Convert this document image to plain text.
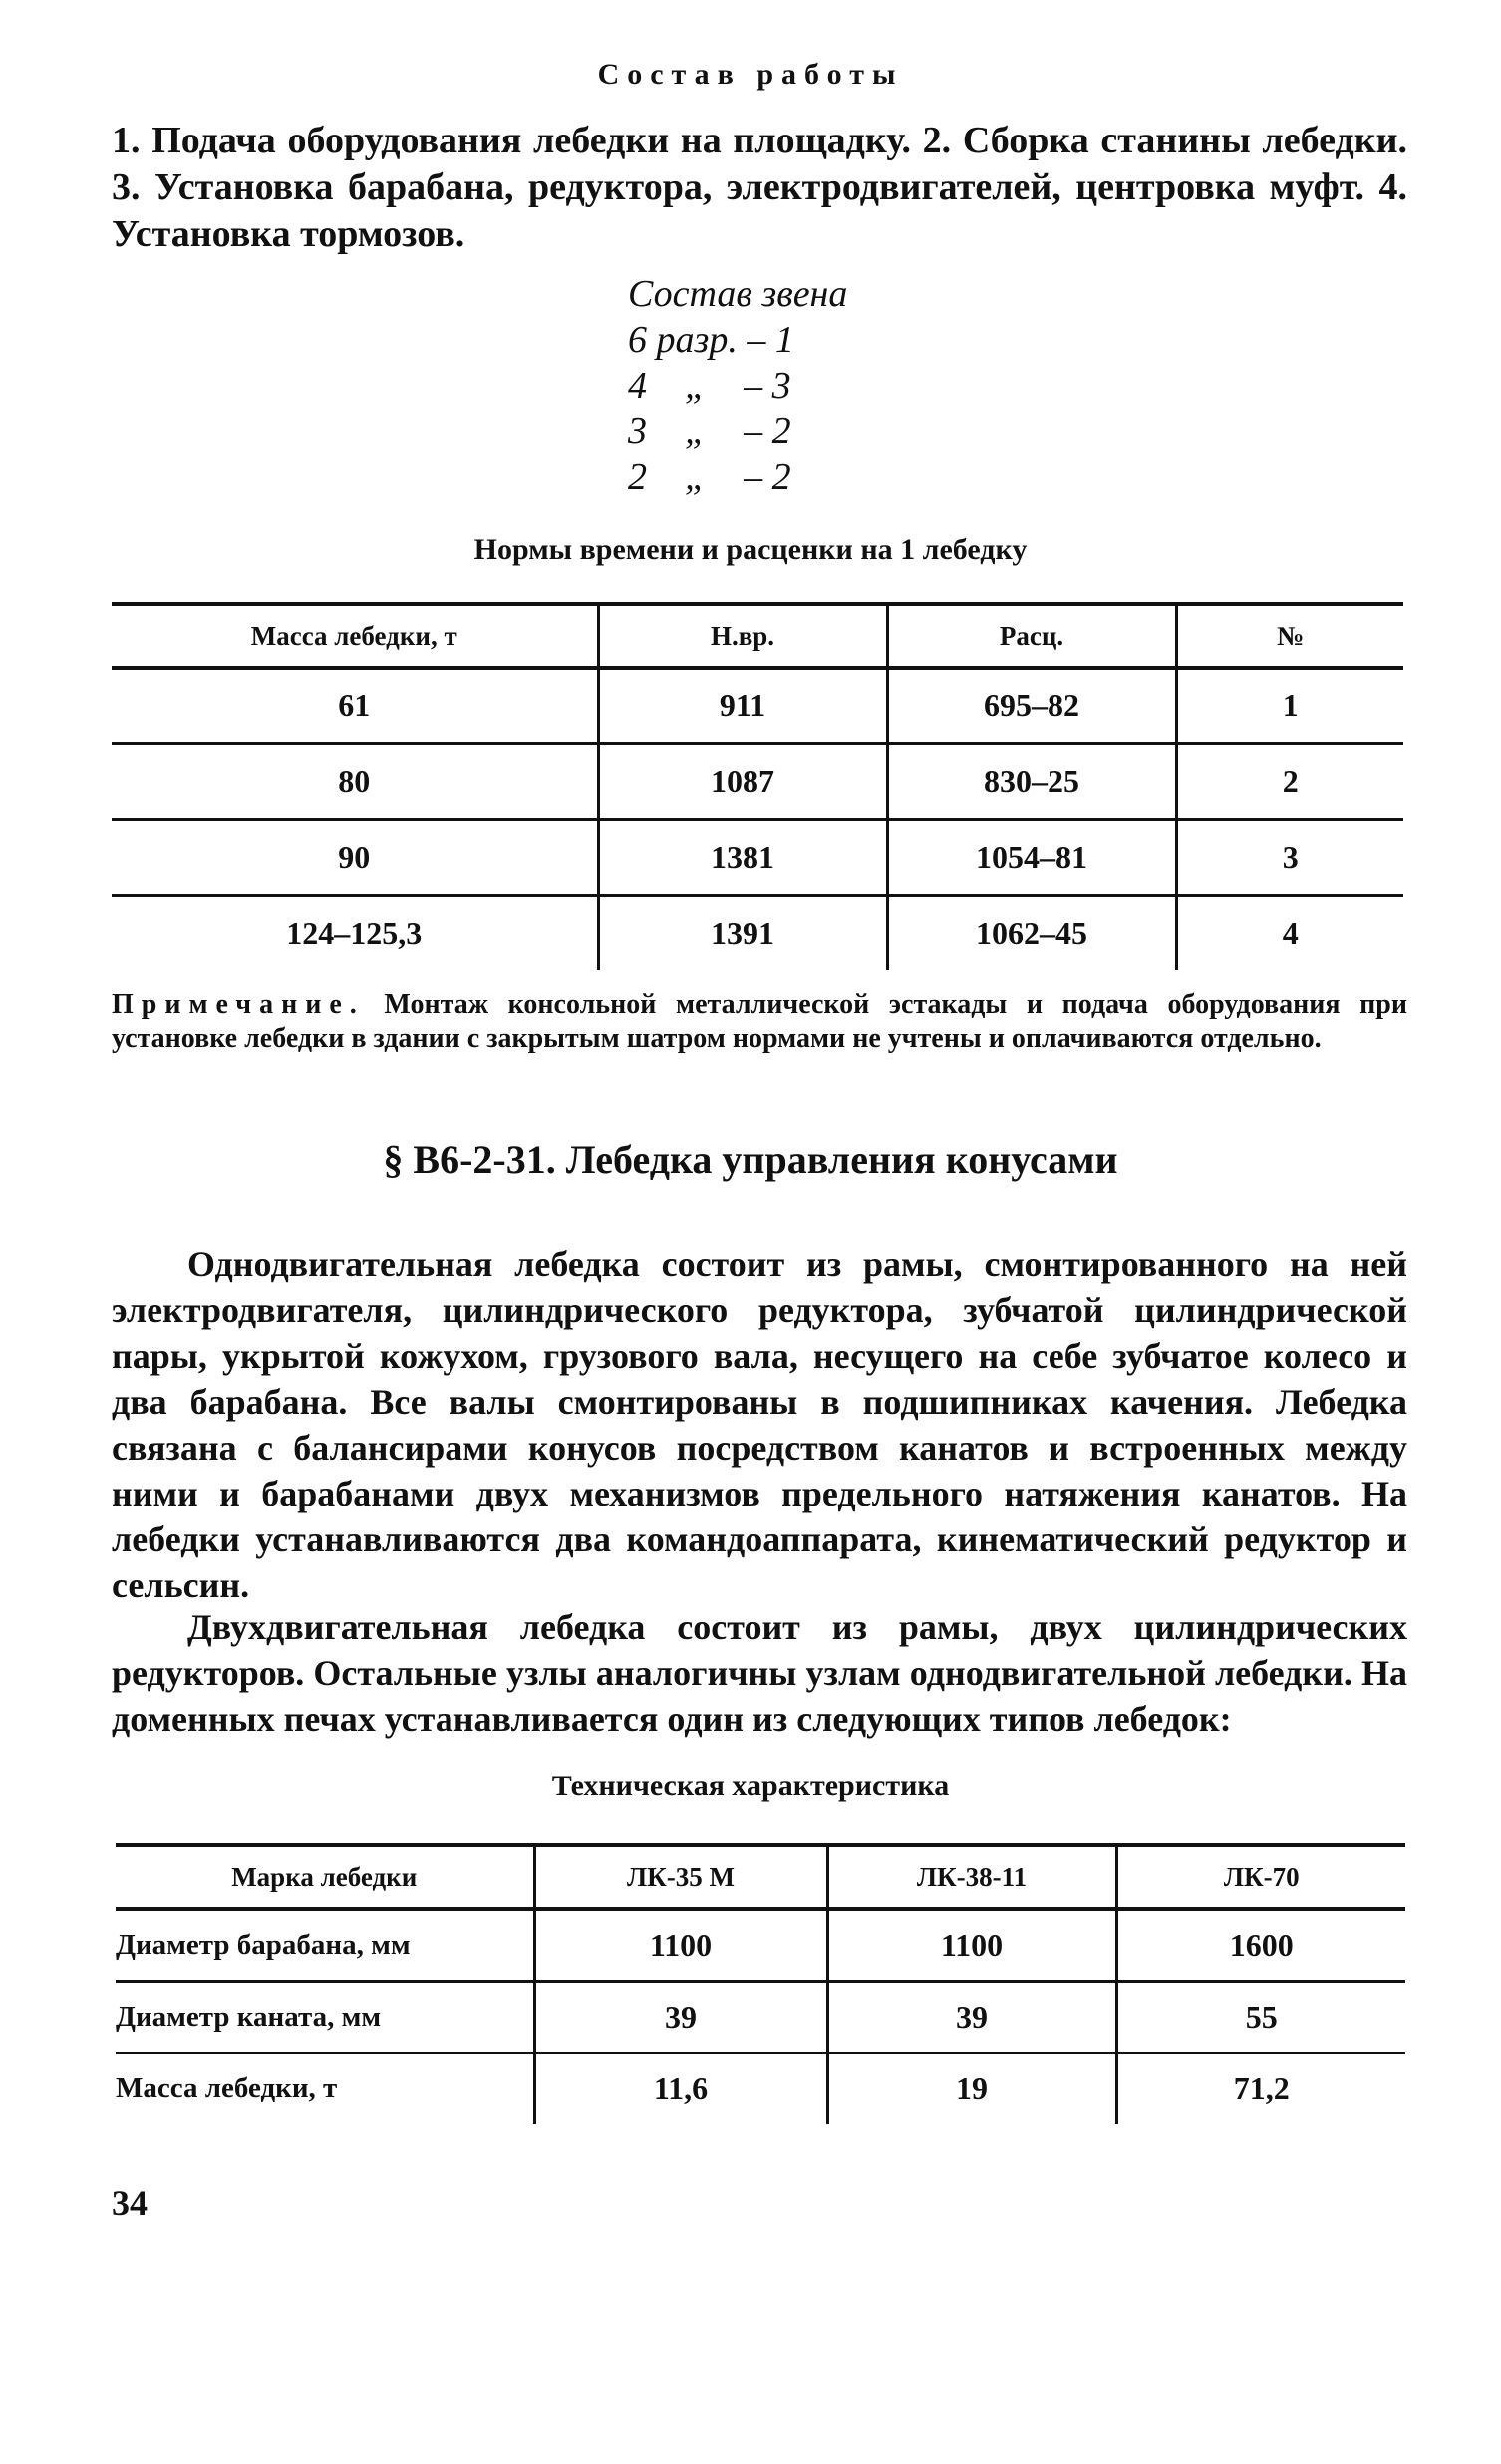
Состав работы
1. Подача оборудования лебедки на площадку. 2. Сборка станины лебедки. 3. Установка барабана, редуктора, электродвигателей, центровка муфт. 4. Установка тормозов.
Состав звена
6 разр. – 1
4    „    – 3
3    „    – 2
2    „    – 2
Нормы времени и расценки на 1 лебедку
Масса лебедки, т	Н.вр.	Расц.	№
61	911	695–82	1
80	1087	830–25	2
90	1381	1054–81	3
124–125,3	1391	1062–45	4
Примечание. Монтаж консольной металлической эстакады и подача оборудования при установке лебедки в здании с закрытым шатром нормами не учтены и оплачиваются отдельно.
§ В6-2-31. Лебедка управления конусами
Однодвигательная лебедка состоит из рамы, смонтированного на ней электродвигателя, цилиндрического редуктора, зубчатой цилиндрической пары, укрытой кожухом, грузового вала, несущего на себе зубчатое колесо и два барабана. Все валы смонтированы в подшипниках качения. Лебедка связана с балансирами конусов посредством канатов и встроенных между ними и барабанами двух механизмов предельного натяжения канатов. На лебедки устанавливаются два командоаппарата, кинематический редуктор и сельсин.
Двухдвигательная лебедка состоит из рамы, двух цилиндрических редукторов. Остальные узлы аналогичны узлам однодвигательной лебедки. На доменных печах устанавливается один из следующих типов лебедок:
Техническая характеристика
Марка лебедки	ЛК-35 М	ЛК-38-11	ЛК-70
Диаметр барабана, мм	1100	1100	1600
Диаметр каната, мм	39	39	55
Масса лебедки, т	11,6	19	71,2
34
